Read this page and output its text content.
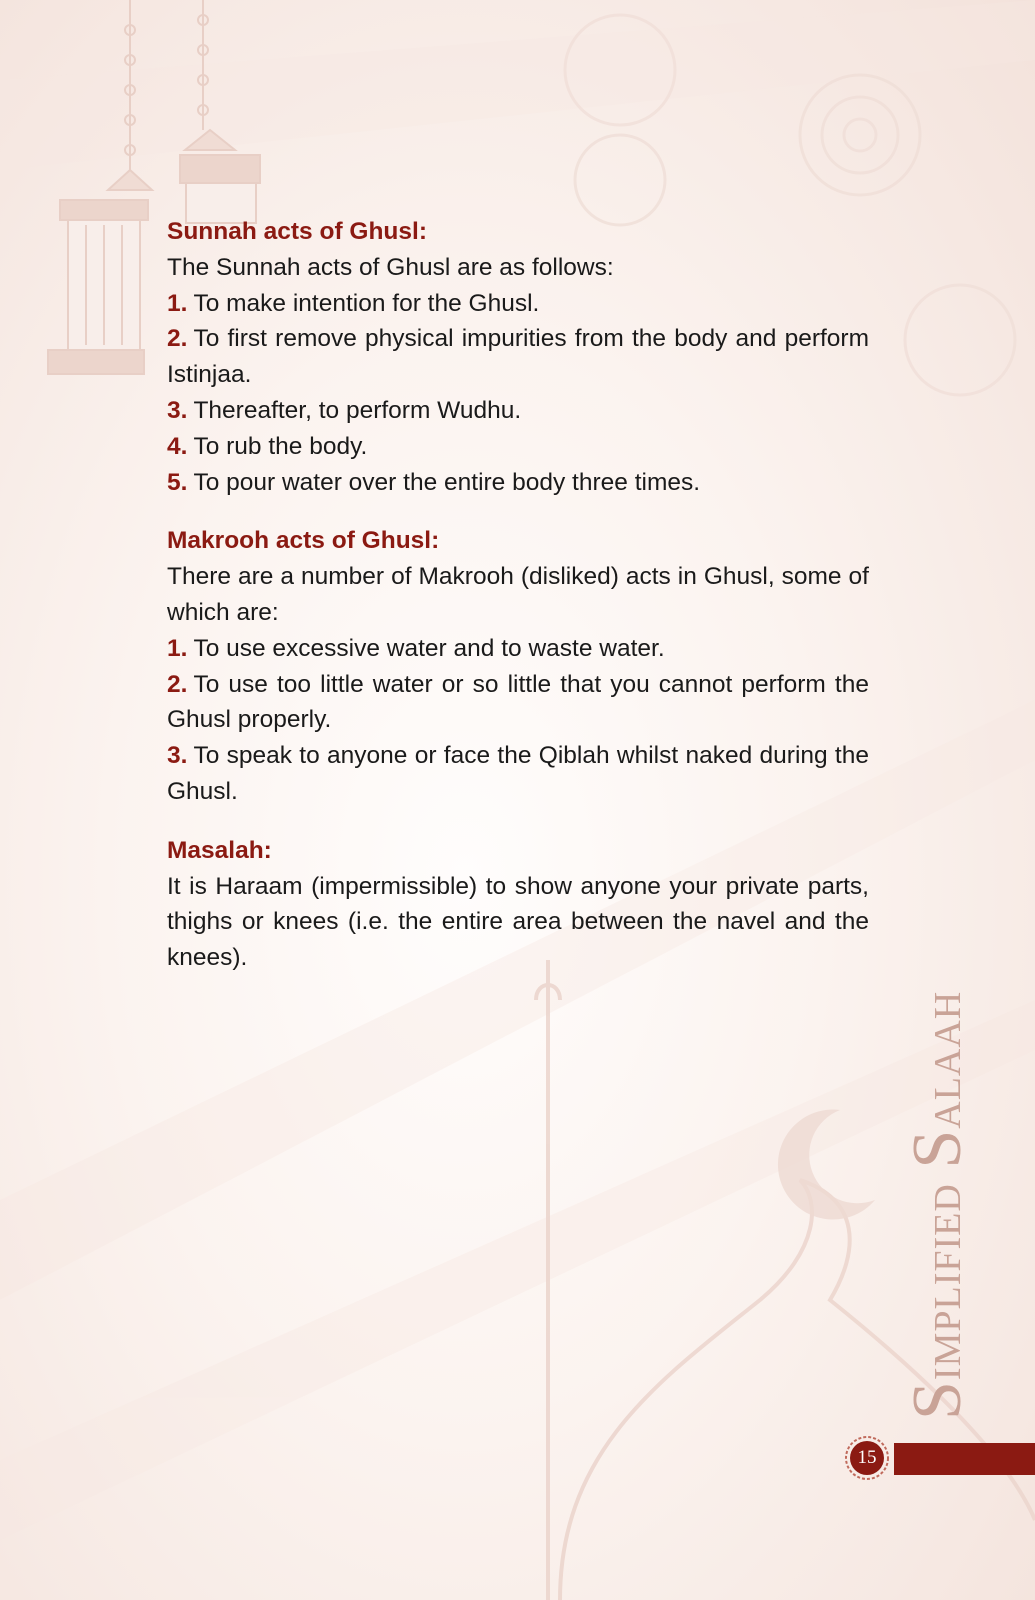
Sunnah acts of Ghusl:
The Sunnah acts of Ghusl are as follows:
1. To make intention for the Ghusl.
2. To first remove physical impurities from the body and perform Istinjaa.
3. Thereafter, to perform Wudhu.
4. To rub the body.
5. To pour water over the entire body three times.
Makrooh acts of Ghusl:
There are a number of Makrooh (disliked) acts in Ghusl, some of which are:
1. To use excessive water and to waste water.
2. To use too little water or so little that you cannot perform the Ghusl properly.
3. To speak to anyone or face the Qiblah whilst naked during the Ghusl.
Masalah:
It is Haraam (impermissible) to show anyone your private parts, thighs or knees (i.e. the entire area between the navel and the knees).
Simplified Salaah
15
